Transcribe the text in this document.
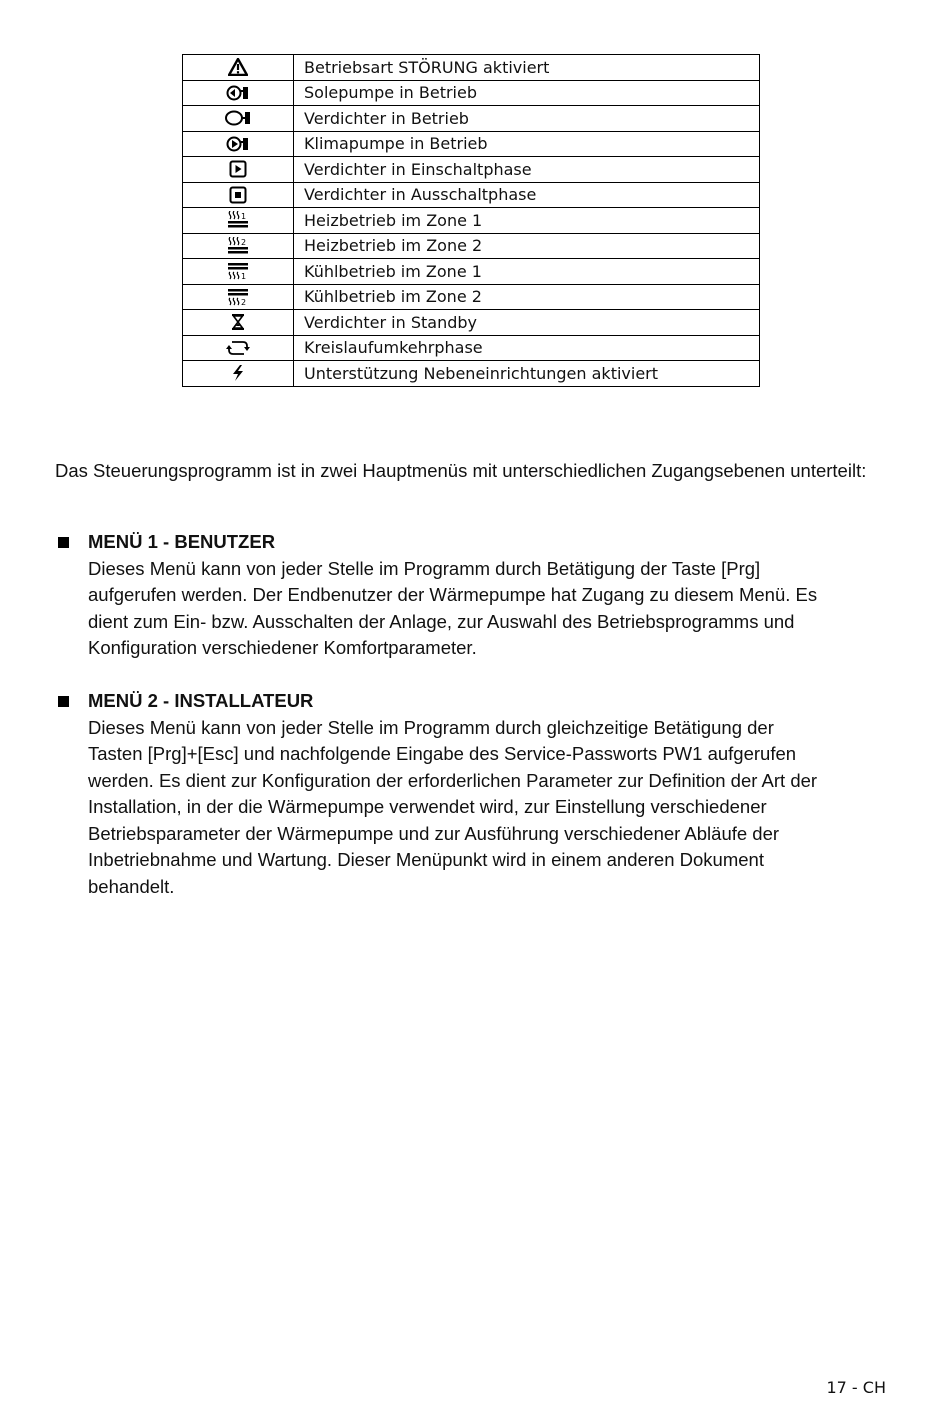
	Betriebsart STÖRUNG aktiviert

	Solepumpe in Betrieb

	Verdichter in Betrieb

	Klimapumpe in Betrieb

	Verdichter in Einschaltphase

	Verdichter in Ausschaltphase

1	Heizbetrieb im Zone 1

2	Heizbetrieb im Zone 2

1	Kühlbetrieb im Zone 1

2	Kühlbetrieb im Zone 2

	Verdichter in Standby

	Kreislaufumkehrphase

	Unterstützung Nebeneinrichtungen aktiviert

Das Steuerungsprogramm ist in zwei Hauptmenüs mit unterschiedlichen Zugangsebenen unterteilt:

MENÜ 1 - BENUTZER
Dieses Menü kann von jeder Stelle im Programm durch Betätigung der Taste [Prg]
aufgerufen werden. Der Endbenutzer der Wärmepumpe hat Zugang zu diesem Menü. Es
dient zum Ein- bzw. Ausschalten der Anlage, zur Auswahl des Betriebsprogramms und
Konfiguration verschiedener Komfortparameter.
MENÜ 2 - INSTALLATEUR
Dieses Menü kann von jeder Stelle im Programm durch gleichzeitige Betätigung der
Tasten [Prg]+[Esc] und nachfolgende Eingabe des Service-Passworts PW1 aufgerufen
werden. Es dient zur Konfiguration der erforderlichen Parameter zur Definition der Art der
Installation, in der die Wärmepumpe verwendet wird, zur Einstellung verschiedener
Betriebsparameter der Wärmepumpe und zur Ausführung verschiedener Abläufe der
Inbetriebnahme und Wartung. Dieser Menüpunkt wird in einem anderen Dokument
behandelt.
17 - CH
